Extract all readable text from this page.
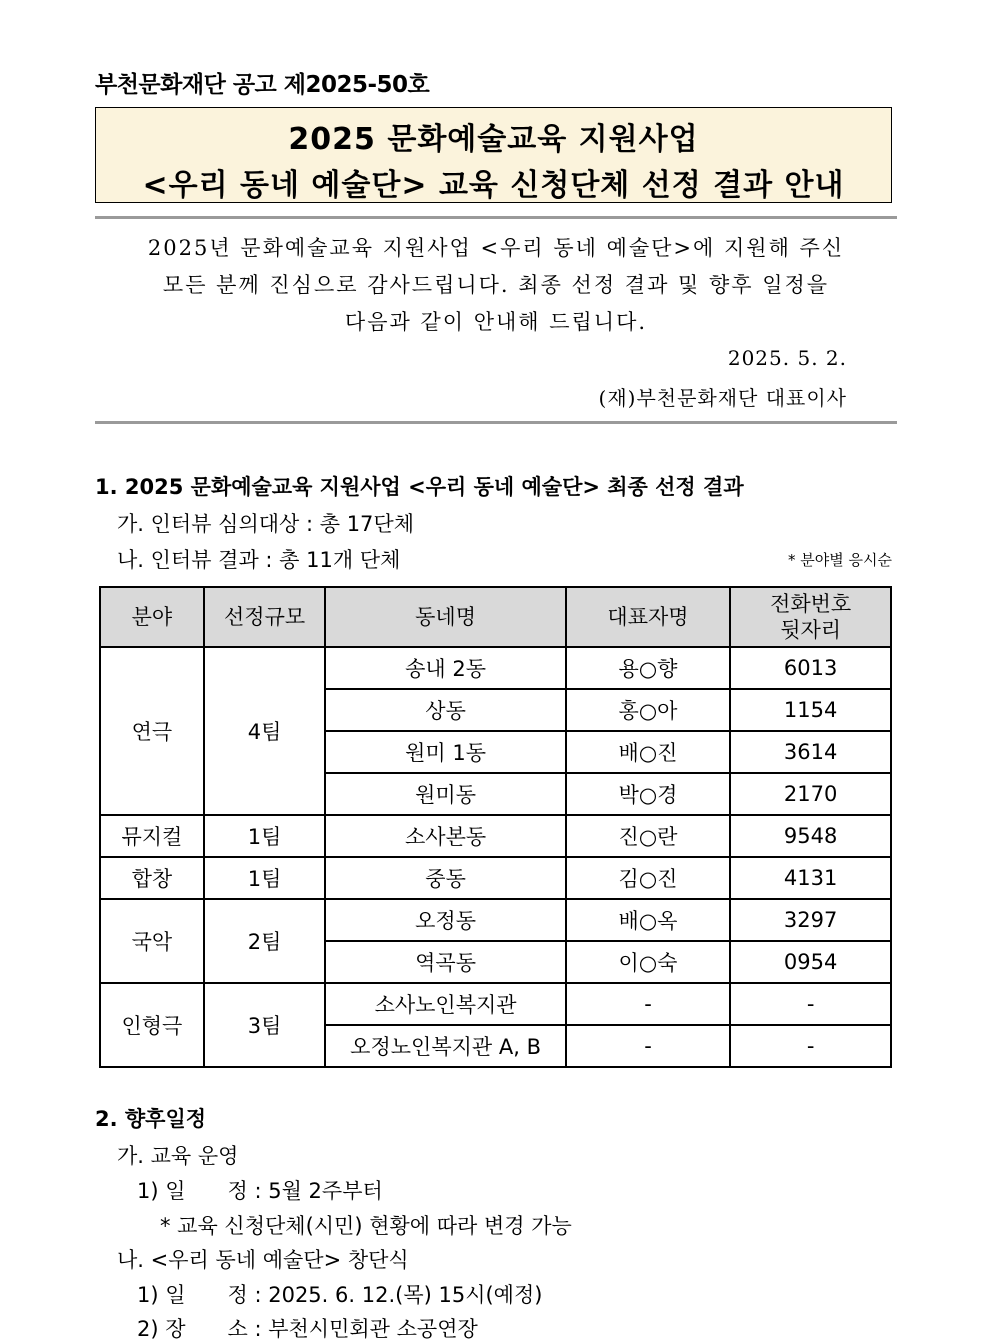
부천문화재단 공고 제2025-50호
2025 문화예술교육 지원사업
<우리 동네 예술단> 교육 신청단체 선정 결과 안내
2025년 문화예술교육 지원사업 <우리 동네 예술단>에 지원해 주신
모든 분께 진심으로 감사드립니다. 최종 선정 결과 및 향후 일정을
다음과 같이 안내해 드립니다.
2025. 5. 2.
(재)부천문화재단 대표이사
1. 2025 문화예술교육 지원사업 <우리 동네 예술단> 최종 선정 결과
가. 인터뷰 심의대상 : 총 17단체
나. 인터뷰 결과 : 총 11개 단체	* 분야별 응시순
분야	선정규모	동네명	대표자명	전화번호
뒷자리

연극	4팀	송내 2동	용○향	6013
		상동	홍○아	1154
		원미 1동	배○진	3614
		원미동	박○경	2170
뮤지컬	1팀	소사본동	진○란	9548
합창	1팀	중동	김○진	4131
국악	2팀	오정동	배○옥	3297
		역곡동	이○숙	0954
인형극	3팀	소사노인복지관	-	-
		오정노인복지관 A, B	-	-
2. 향후일정
가. 교육 운영
1) 일　　정 : 5월 2주부터
* 교육 신청단체(시민) 현황에 따라 변경 가능
나. <우리 동네 예술단> 창단식
1) 일　　정 : 2025. 6. 12.(목) 15시(예정)
2) 장　　소 : 부천시민회관 소공연장
